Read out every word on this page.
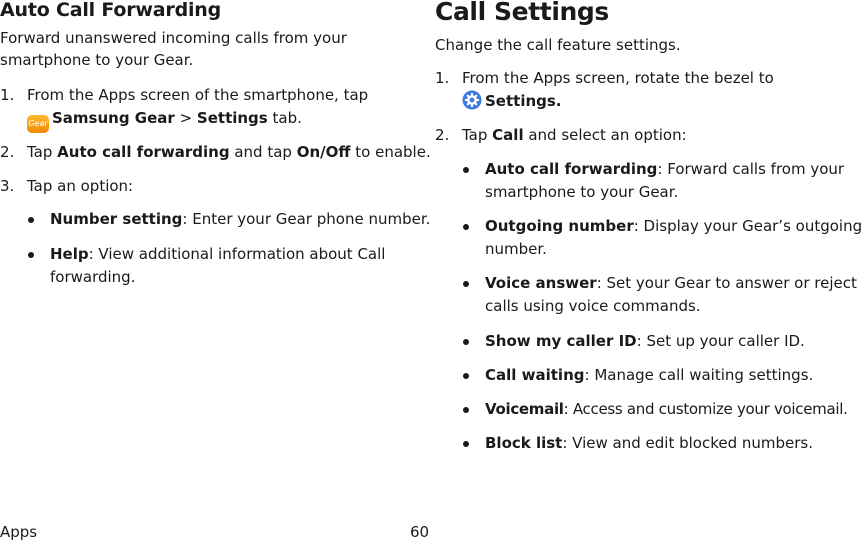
Auto Call Forwarding

Forward unanswered incoming calls from your
smartphone to your Gear.

1. From the Apps screen of the smartphone, tap
Gear Samsung Gear > Settings tab.
2. Tap Auto call forwarding and tap On/Off to enable.
3. Tap an option:
Number setting: Enter your Gear phone number.
Help: View additional information about Call
forwarding.
Call Settings

Change the call feature settings.

1. From the Apps screen, rotate the bezel to
Settings.
2. Tap Call and select an option:
Auto call forwarding: Forward calls from your
smartphone to your Gear.
Outgoing number: Display your Gear’s outgoing
number.
Voice answer: Set your Gear to answer or reject
calls using voice commands.
Show my caller ID: Set up your caller ID.
Call waiting: Manage call waiting settings.
Voicemail: Access and customize your voicemail.
Block list: View and edit blocked numbers.
Apps	60
